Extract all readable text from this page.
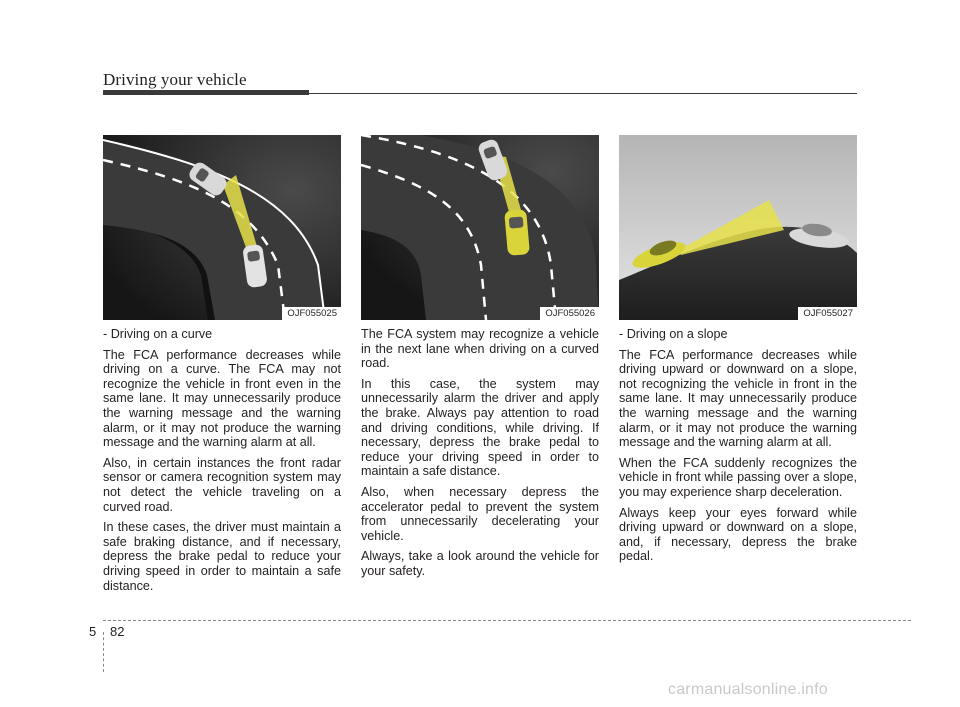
Driving your vehicle
OJF055025

- Driving on a curve

The FCA performance decreases while driving on a curve. The FCA may not recognize the vehicle in front even in the same lane. It may unnecessarily produce the warning message and the warning alarm, or it may not produce the warning message and the warning alarm at all.

Also, in certain instances the front radar sensor or camera recognition system may not detect the vehicle traveling on a curved road.

In these cases, the driver must maintain a safe braking distance, and if necessary, depress the brake pedal to reduce your driving speed in order to maintain a safe distance.

OJF055026

The FCA system may recognize a vehicle in the next lane when driving on a curved road.

In this case, the system may unnecessarily alarm the driver and apply the brake. Always pay attention to road and driving conditions, while driving. If necessary, depress the brake pedal to reduce your driving speed in order to maintain a safe distance.

Also, when necessary depress the accelerator pedal to prevent the system from unnecessarily decelerating your vehicle.

Always, take a look around the vehicle for your safety.

OJF055027

- Driving on a slope

The FCA performance decreases while driving upward or downward on a slope, not recognizing the vehicle in front in the same lane. It may unnecessarily produce the warning message and the warning alarm, or it may not produce the warning message and the warning alarm at all.

When the FCA suddenly recognizes the vehicle in front while passing over a slope, you may experience sharp deceleration.

Always keep your eyes forward while driving upward or downward on a slope, and, if necessary, depress the brake pedal.

5 82
carmanualsonline.info
